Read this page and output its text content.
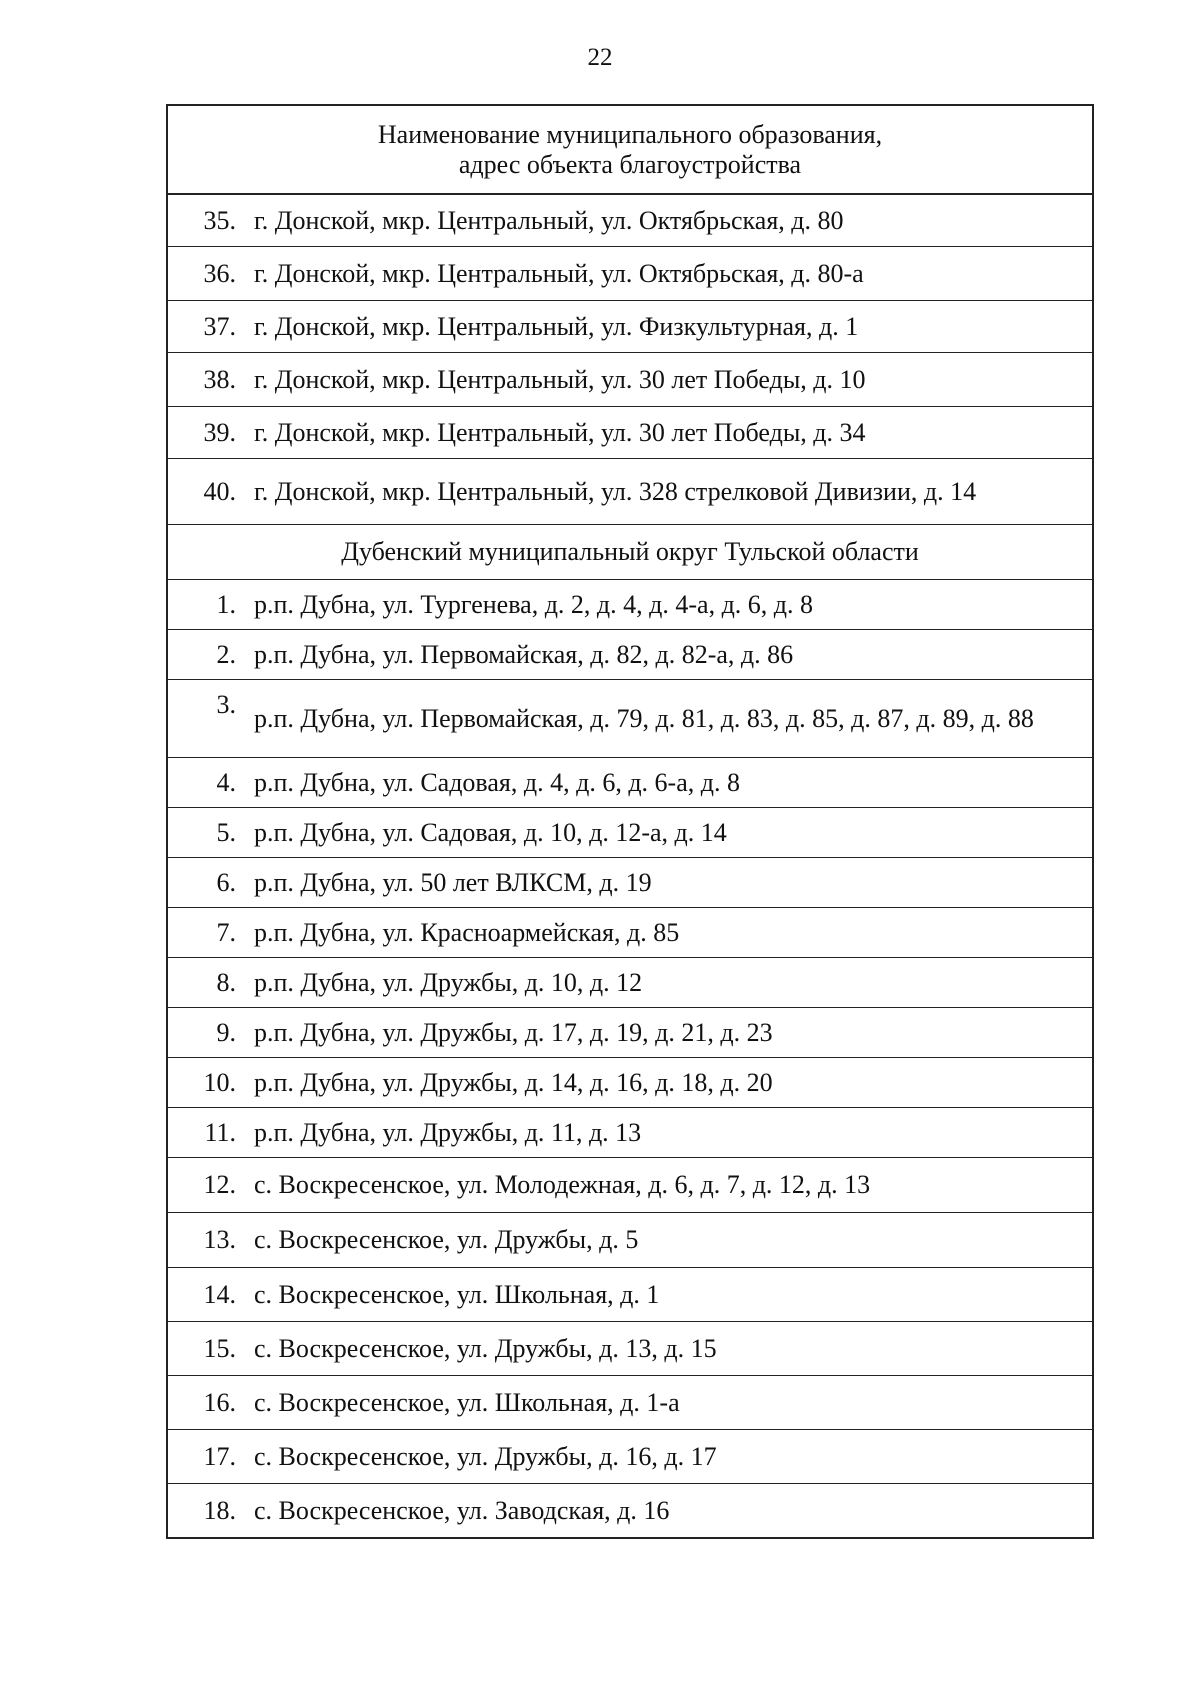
22
Наименование муниципального образования,
адрес объекта благоустройства
35. г. Донской, мкр. Центральный, ул. Октябрьская, д. 80
36. г. Донской, мкр. Центральный, ул. Октябрьская, д. 80-а
37. г. Донской, мкр. Центральный, ул. Физкультурная, д. 1
38. г. Донской, мкр. Центральный, ул. 30 лет Победы, д. 10
39. г. Донской, мкр. Центральный, ул. 30 лет Победы, д. 34
40. г. Донской, мкр. Центральный, ул. 328 стрелковой Дивизии, д. 14
Дубенский муниципальный округ Тульской области
1. р.п. Дубна, ул. Тургенева, д. 2, д. 4, д. 4-а, д. 6, д. 8
2. р.п. Дубна, ул. Первомайская, д. 82, д. 82-а, д. 86
3. р.п. Дубна, ул. Первомайская, д. 79, д. 81, д. 83, д. 85, д. 87, д. 89, д. 88
4. р.п. Дубна, ул. Садовая, д. 4, д. 6, д. 6-а, д. 8
5. р.п. Дубна, ул. Садовая, д. 10, д. 12-а, д. 14
6. р.п. Дубна, ул. 50 лет ВЛКСМ, д. 19
7. р.п. Дубна, ул. Красноармейская, д. 85
8. р.п. Дубна, ул. Дружбы, д. 10, д. 12
9. р.п. Дубна, ул. Дружбы, д. 17, д. 19, д. 21, д. 23
10. р.п. Дубна, ул. Дружбы, д. 14, д. 16, д. 18, д. 20
11. р.п. Дубна, ул. Дружбы, д. 11, д. 13
12. с. Воскресенское, ул. Молодежная, д. 6, д. 7, д. 12, д. 13
13. с. Воскресенское, ул. Дружбы, д. 5
14. с. Воскресенское, ул. Школьная, д. 1
15. с. Воскресенское, ул. Дружбы, д. 13, д. 15
16. с. Воскресенское, ул. Школьная, д. 1-а
17. с. Воскресенское, ул. Дружбы, д. 16, д. 17
18. с. Воскресенское, ул. Заводская, д. 16
